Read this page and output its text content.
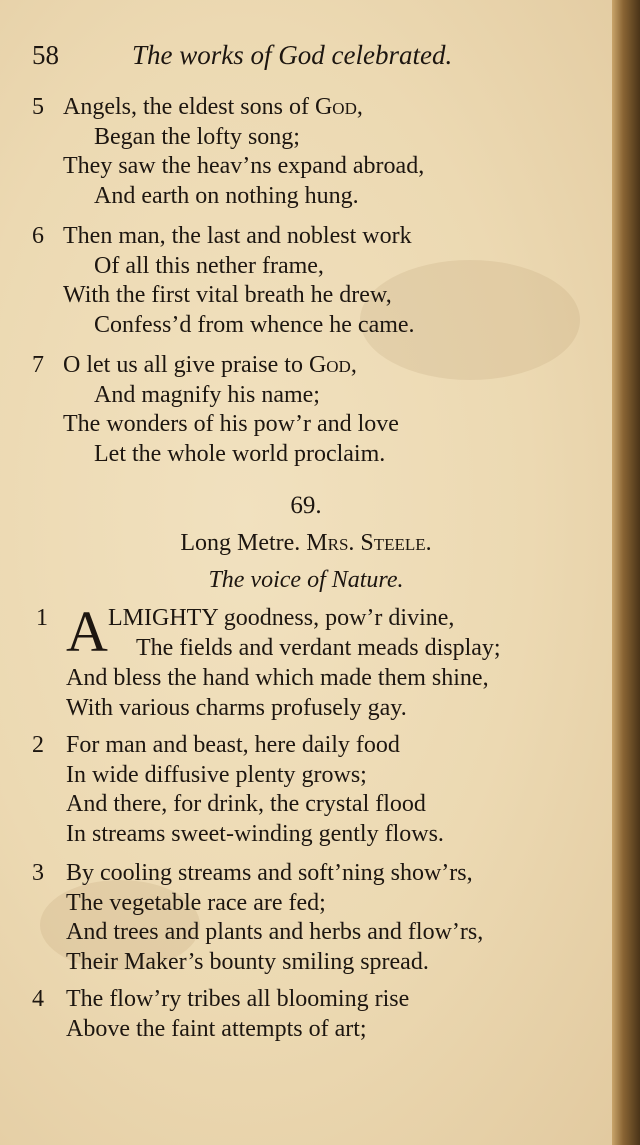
58	The works of God celebrated.
5 Angels, the eldest sons of God,
Began the lofty song;
They saw the heav’ns expand abroad,
And earth on nothing hung.
6 Then man, the last and noblest work
Of all this nether frame,
With the first vital breath he drew,
Confess’d from whence he came.
7 O let us all give praise to God,
And magnify his name;
The wonders of his pow’r and love
Let the whole world proclaim.
69.
Long Metre. Mrs. Steele.
The voice of Nature.
1 A LMIGHTY goodness, pow’r divine,
The fields and verdant meads display;
And bless the hand which made them shine,
With various charms profusely gay.
2 For man and beast, here daily food
In wide diffusive plenty grows;
And there, for drink, the crystal flood
In streams sweet-winding gently flows.
3 By cooling streams and soft’ning show’rs,
The vegetable race are fed;
And trees and plants and herbs and flow’rs,
Their Maker’s bounty smiling spread.
4 The flow’ry tribes all blooming rise
Above the faint attempts of art;
